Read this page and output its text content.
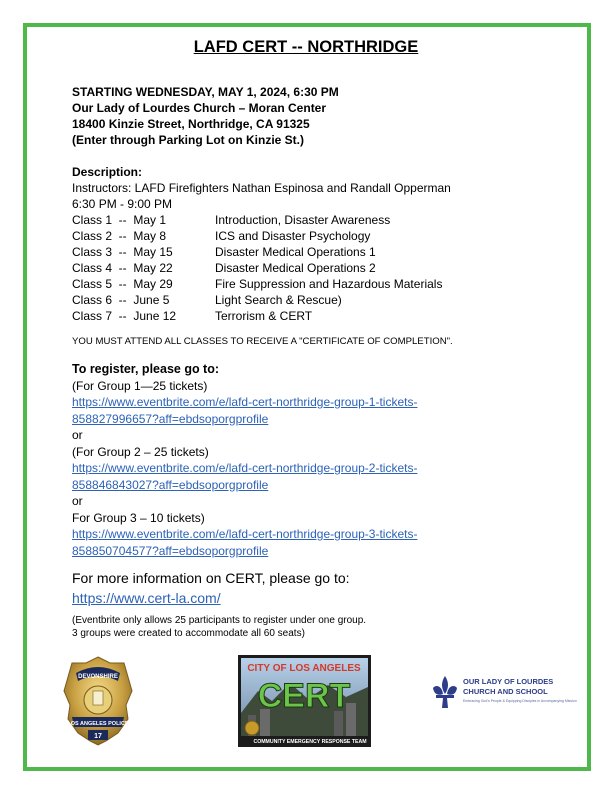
LAFD CERT -- NORTHRIDGE
STARTING WEDNESDAY, MAY 1, 2024, 6:30 PM
Our Lady of Lourdes Church – Moran Center
18400 Kinzie Street, Northridge, CA 91325
(Enter through Parking Lot on Kinzie St.)
Description:
Instructors: LAFD Firefighters Nathan Espinosa and Randall Opperman
6:30 PM - 9:00 PM
Class 1  --  May 1	Introduction, Disaster Awareness
Class 2  --  May 8	ICS and Disaster Psychology
Class 3  --  May 15	Disaster Medical Operations 1
Class 4  --  May 22	Disaster Medical Operations 2
Class 5  --  May 29	Fire Suppression and Hazardous Materials
Class 6  --  June 5	Light Search & Rescue)
Class 7  --  June 12	Terrorism & CERT
YOU MUST ATTEND ALL CLASSES TO RECEIVE A "CERTIFICATE OF COMPLETION".
To register, please go to:
(For Group 1—25 tickets)
https://www.eventbrite.com/e/lafd-cert-northridge-group-1-tickets-
858827996657?aff=ebdsoporgprofile
or
(For Group 2 – 25 tickets)
https://www.eventbrite.com/e/lafd-cert-northridge-group-2-tickets-
858846843027?aff=ebdsoporgprofile
or
For Group 3 – 10 tickets)
https://www.eventbrite.com/e/lafd-cert-northridge-group-3-tickets-
858850704577?aff=ebdsoporgprofile
For more information on CERT, please go to:
https://www.cert-la.com/
(Eventbrite only allows 25 participants to register under one group.
3 groups were created to accommodate all 60 seats)
DEVONSHIRE
LOS ANGELES POLICE
17
CITY OF LOS ANGELES
CERT
COMMUNITY EMERGENCY RESPONSE TEAM
OUR LADY OF LOURDES
CHURCH AND SCHOOL
Embracing God's People & Equipping Disciples in Accompanying Mission
